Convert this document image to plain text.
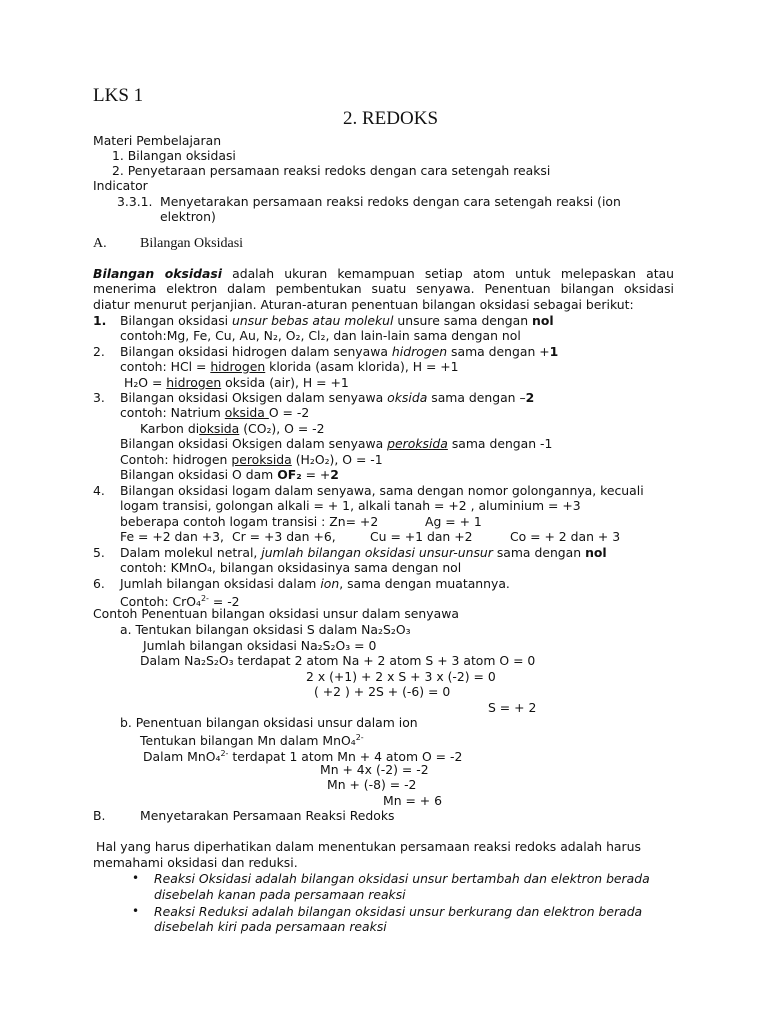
LKS 1
2. REDOKS
Materi Pembelajaran
1. Bilangan oksidasi
2. Penyetaraan persamaan reaksi redoks dengan cara setengah reaksi
Indicator
3.3.1. Menyetarakan persamaan reaksi redoks dengan cara setengah reaksi (ion
elektron)
A. Bilangan Oksidasi
Bilangan oksidasi adalah ukuran kemampuan setiap atom untuk melepaskan atau
menerima elektron dalam pembentukan suatu senyawa. Penentuan bilangan oksidasi
diatur menurut perjanjian. Aturan-aturan penentuan bilangan oksidasi sebagai berikut:
1. Bilangan oksidasi unsur bebas atau molekul unsure sama dengan nol
contoh:Mg, Fe, Cu, Au, N₂, O₂, Cl₂, dan lain-lain sama dengan nol
2. Bilangan oksidasi hidrogen dalam senyawa hidrogen sama dengan +1
contoh: HCl = hidrogen klorida (asam klorida), H = +1
H₂O = hidrogen oksida (air), H = +1
3. Bilangan oksidasi Oksigen dalam senyawa oksida sama dengan –2
contoh: Natrium oksida O = -2
Karbon dioksida (CO₂), O = -2
Bilangan oksidasi Oksigen dalam senyawa peroksida sama dengan -1
Contoh: hidrogen peroksida (H₂O₂), O = -1
Bilangan oksidasi O dam OF₂ = +2
4. Bilangan oksidasi logam dalam senyawa, sama dengan nomor golongannya, kecuali
logam transisi, golongan alkali = + 1, alkali tanah = +2 , aluminium = +3
beberapa contoh logam transisi : Zn= +2	Ag = + 1
Fe = +2 dan +3, Cr = +3 dan +6,	Cu = +1 dan +2	Co = + 2 dan + 3
5. Dalam molekul netral, jumlah bilangan oksidasi unsur-unsur sama dengan nol
contoh: KMnO₄, bilangan oksidasinya sama dengan nol
6. Jumlah bilangan oksidasi dalam ion, sama dengan muatannya.
Contoh: CrO₄$^{2-}$ = -2
Contoh Penentuan bilangan oksidasi unsur dalam senyawa
a. Tentukan bilangan oksidasi S dalam Na₂S₂O₃
Jumlah bilangan oksidasi Na₂S₂O₃ = 0
Dalam Na₂S₂O₃ terdapat 2 atom Na + 2 atom S + 3 atom O = 0
2 x (+1) + 2 x S + 3 x (-2) = 0
( +2 ) + 2S + (-6) = 0
S = + 2
b. Penentuan bilangan oksidasi unsur dalam ion
Tentukan bilangan Mn dalam MnO₄$^{2-}$
Dalam MnO₄$^{2-}$ terdapat 1 atom Mn + 4 atom O = -2
Mn + 4x (-2) = -2
Mn + (-8) = -2
Mn = + 6
B.	Menyetarakan Persamaan Reaksi Redoks
Hal yang harus diperhatikan dalam menentukan persamaan reaksi redoks adalah harus
memahami oksidasi dan reduksi.
• Reaksi Oksidasi adalah bilangan oksidasi unsur bertambah dan elektron berada
disebelah kanan pada persamaan reaksi
• Reaksi Reduksi adalah bilangan oksidasi unsur berkurang dan elektron berada
disebelah kiri pada persamaan reaksi
